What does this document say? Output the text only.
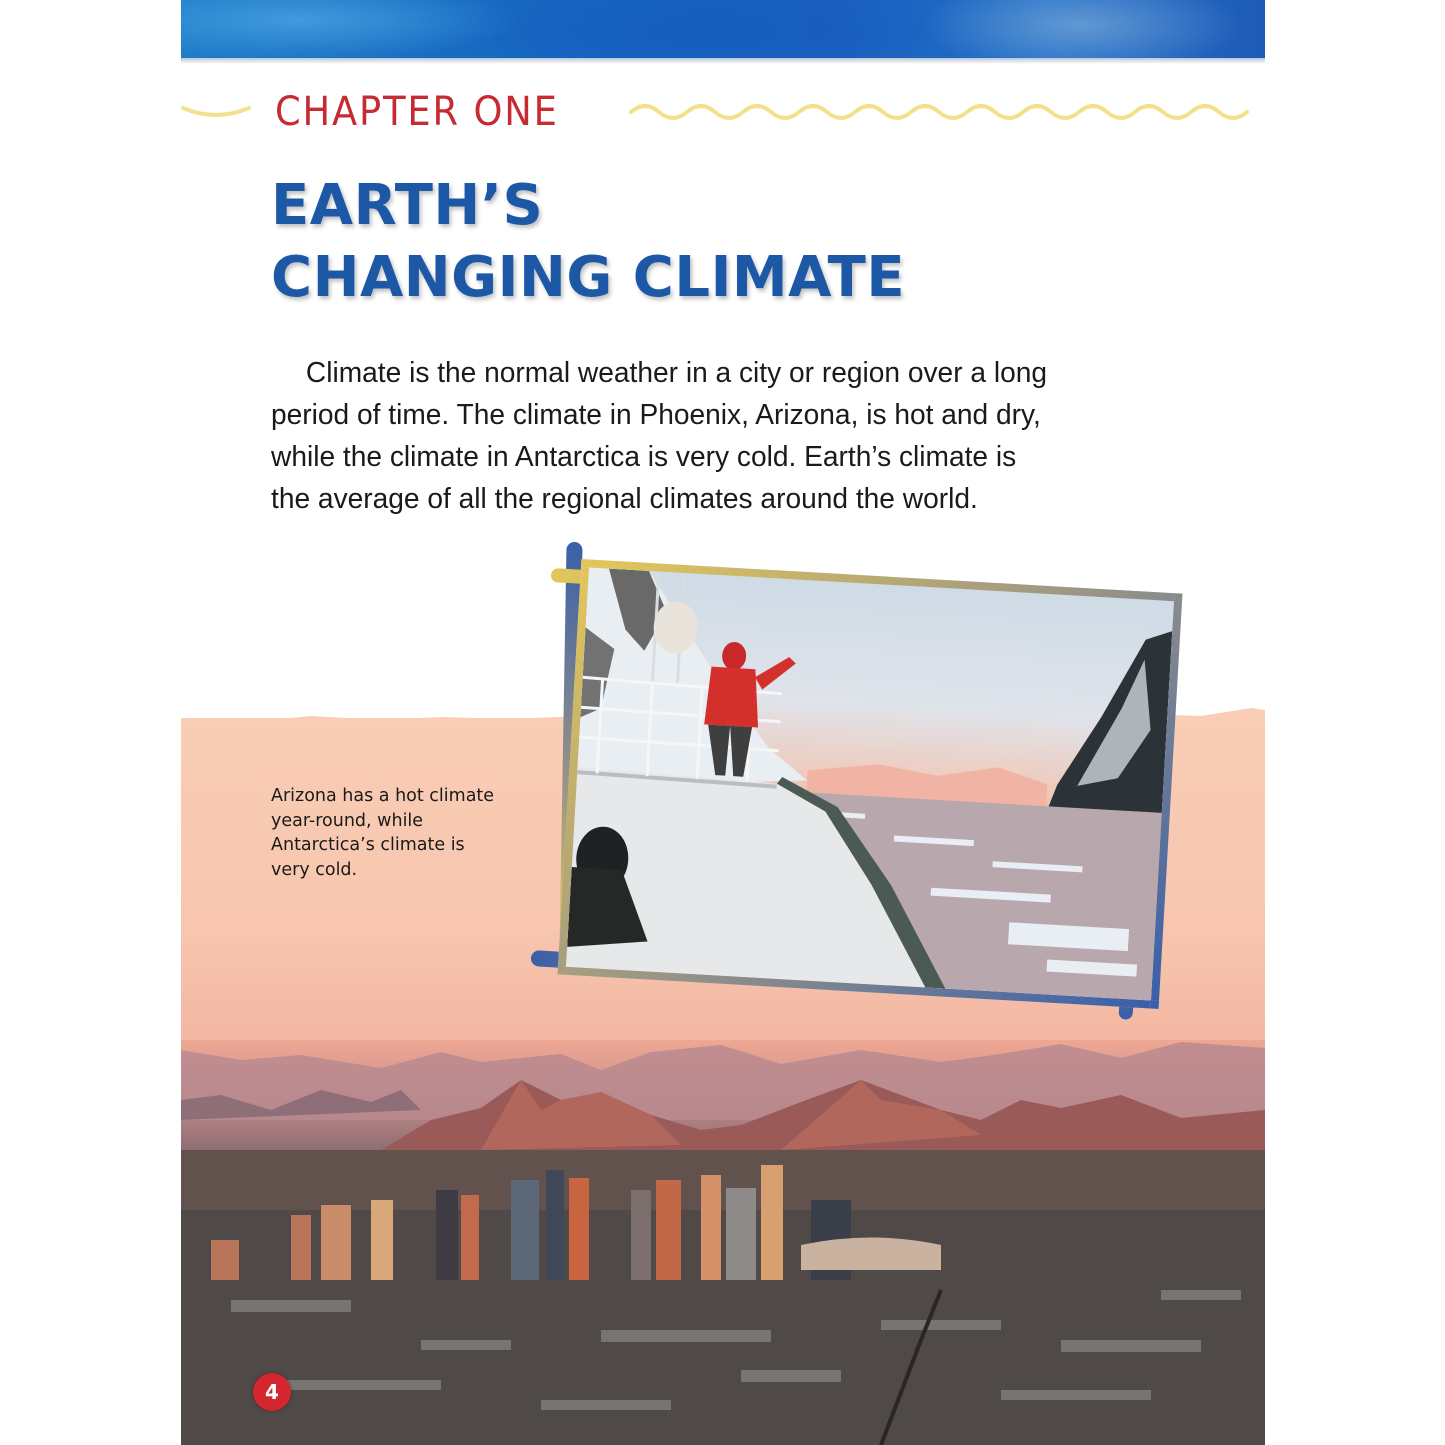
CHAPTER ONE
EARTH’S
CHANGING CLIMATE

Climate is the normal weather in a city or region over a long
period of time. The climate in Phoenix, Arizona, is hot and dry,
while the climate in Antarctica is very cold. Earth’s climate is
the average of all the regional climates around the world.

Arizona has a hot climate
year-round, while
Antarctica’s climate is
very cold.

4
